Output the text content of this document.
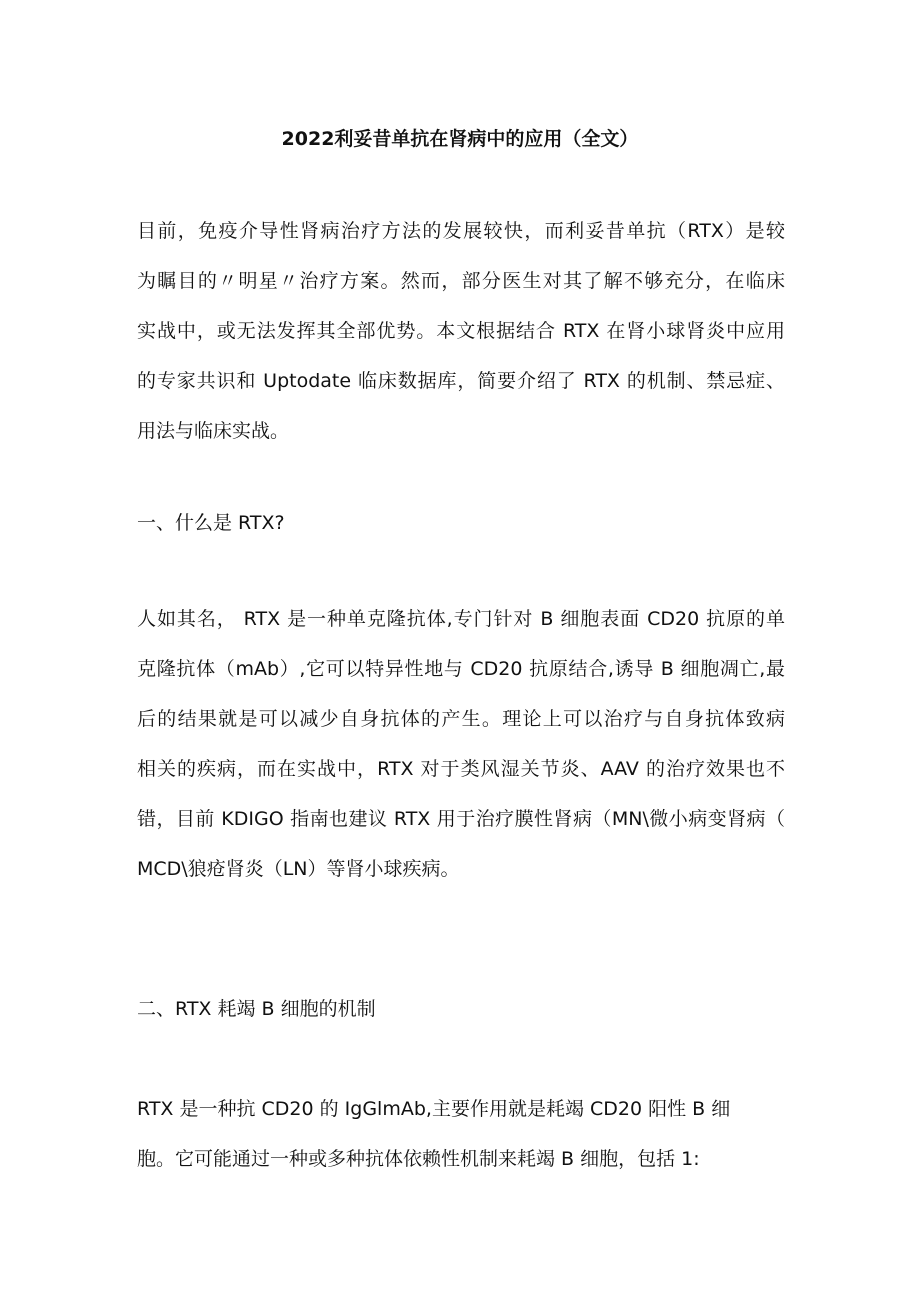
2022利妥昔单抗在肾病中的应用（全文）
目前，免疫介导性肾病治疗方法的发展较快，而利妥昔单抗（RTX）是较
为瞩目的〃明星〃治疗方案。然而，部分医生对其了解不够充分，在临床
实战中，或无法发挥其全部优势。本文根据结合 RTX 在肾小球肾炎中应用
的专家共识和 Uptodate 临床数据库，简要介绍了 RTX 的机制、禁忌症、
用法与临床实战。
一、什么是 RTX?
人如其名， RTX 是一种单克隆抗体,专门针对 B 细胞表面 CD20 抗原的单
克隆抗体（mAb）,它可以特异性地与 CD20 抗原结合,诱导 B 细胞凋亡,最
后的结果就是可以减少自身抗体的产生。理论上可以治疗与自身抗体致病
相关的疾病，而在实战中，RTX 对于类风湿关节炎、AAV 的治疗效果也不
错，目前 KDIGO 指南也建议 RTX 用于治疗膜性肾病（MN\微小病变肾病（
MCD\狼疮肾炎（LN）等肾小球疾病。
二、RTX 耗竭 B 细胞的机制
RTX 是一种抗 CD20 的 IgGlmAb,主要作用就是耗竭 CD20 阳性 B 细
胞。它可能通过一种或多种抗体依赖性机制来耗竭 B 细胞，包括 1:
